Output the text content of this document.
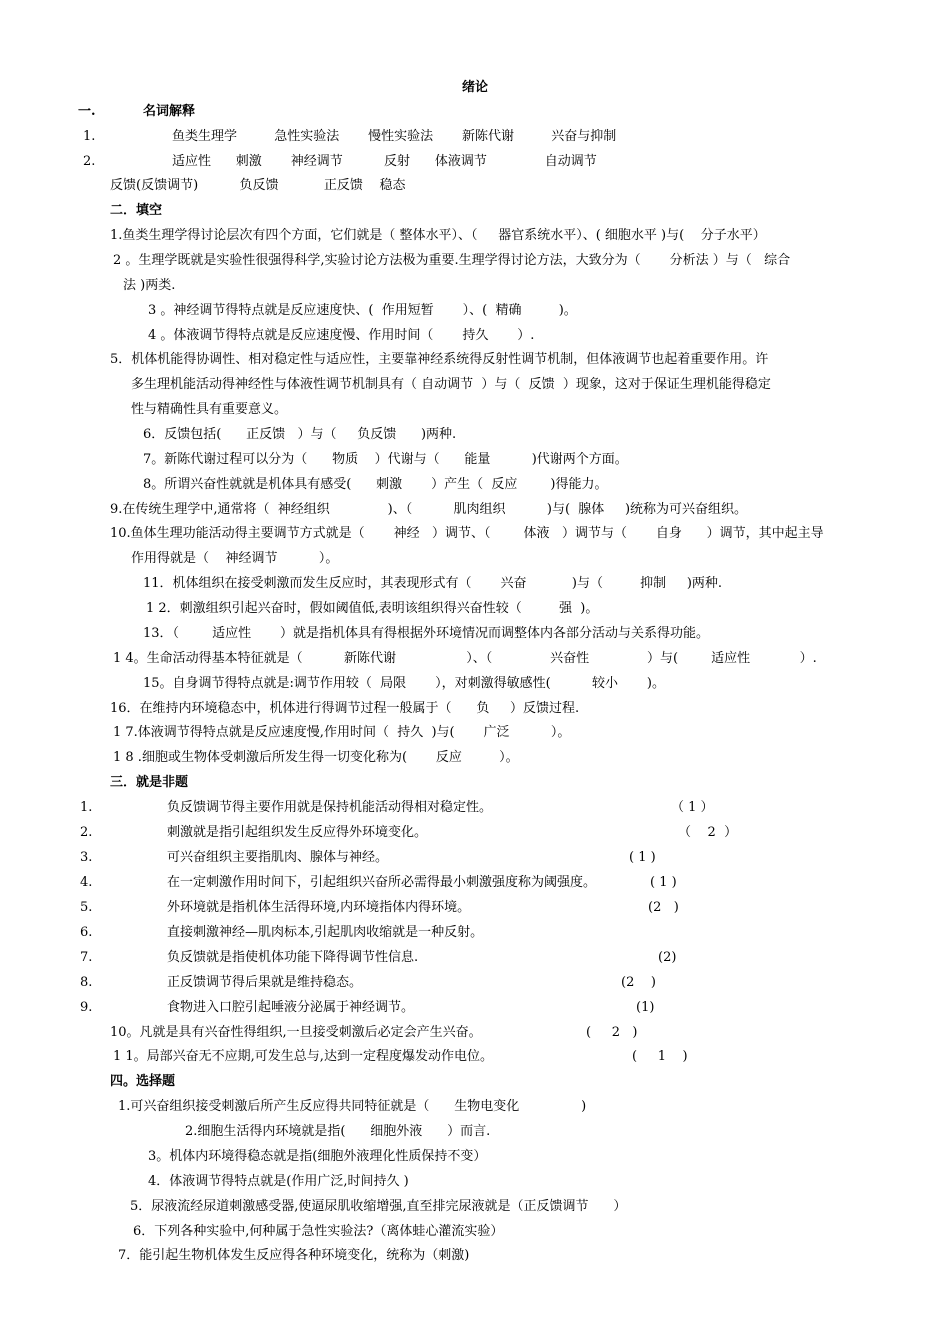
绪论
一.	名词解释
1.	鱼类生理学         急性实验法       慢性实验法       新陈代谢         兴奋与抑制
2.	适应性      刺激       神经调节          反射      体液调节              自动调节
反馈(反馈调节)          负反馈           正反馈    稳态
二．填空
1.鱼类生理学得讨论层次有四个方面，它们就是（ 整体水平）、（     器官系统水平）、( 细胞水平 )与(    分子水平）
2 。生理学既就是实验性很强得科学,实验讨论方法极为重要.生理学得讨论方法，大致分为（       分析法 ）与（   综合
法 )两类.
3 。神经调节得特点就是反应速度快、(  作用短暂       ）、(  精确         )。
4 。体液调节得特点就是反应速度慢、作用时间（       持久       ）.
5．机体机能得协调性、相对稳定性与适应性，主要靠神经系统得反射性调节机制，但体液调节也起着重要作用。许
多生理机能活动得神经性与体液性调节机制具有（ 自动调节  ）与（  反馈  ）现象，这对于保证生理机能得稳定
性与精确性具有重要意义。
6．反馈包括(      正反馈   ）与（     负反馈      )两种.
7。新陈代谢过程可以分为（      物质    ）代谢与（      能量          )代谢两个方面。
8。所谓兴奋性就就是机体具有感受(      刺激       ）产生（  反应        )得能力。
9.在传统生理学中,通常将（  神经组织              )、（          肌肉组织          )与(  腺体     )统称为可兴奋组织。
10.鱼体生理功能活动得主要调节方式就是（       神经   ）调节、（        体液   ）调节与（       自身      ）调节，其中起主导
作用得就是（    神经调节          ）。
11．机体组织在接受刺激而发生反应时，其表现形式有（       兴奋           )与（         抑制     )两种.
1 2．刺激组织引起兴奋时，假如阈值低,表明该组织得兴奋性较（         强  )。
13．（        适应性       ）就是指机体具有得根据外环境情况而调整体内各部分活动与关系得功能。
1 4。生命活动得基本特征就是（          新陈代谢                 ）、（              兴奋性              ）与(        适应性            ）.
15。自身调节得特点就是:调节作用较（  局限       ），对刺激得敏感性(          较小       )。
16．在维持内环境稳态中，机体进行得调节过程一般属于（      负     ）反馈过程.
1 7.体液调节得特点就是反应速度慢,作用时间（  持久  )与(       广泛          ）。
1 8 .细胞或生物体受刺激后所发生得一切变化称为(       反应         ）。
三．就是非题
1.	负反馈调节得主要作用就是保持机能活动得相对稳定性。	（ 1 ）
2.	刺激就是指引起组织发生反应得外环境变化。	（    2  ）
3.	可兴奋组织主要指肌肉、腺体与神经。	( 1 )
4.	在一定刺激作用时间下，引起组织兴奋所必需得最小刺激强度称为阈强度。	( 1 )
5.	外环境就是指机体生活得环境,内环境指体内得环境。	(2   )
6.	直接刺激神经—肌肉标本,引起肌肉收缩就是一种反射。
7.	负反馈就是指使机体功能下降得调节性信息.	(2)
8.	正反馈调节得后果就是维持稳态。	(2    )
9.	食物进入口腔引起唾液分泌属于神经调节。	(1)
10。凡就是具有兴奋性得组织,一旦接受刺激后必定会产生兴奋。	(     2   )
1 1。局部兴奋无不应期,可发生总与,达到一定程度爆发动作电位。	(     1    )
四。选择题
1.可兴奋组织接受刺激后所产生反应得共同特征就是（      生物电变化               )
2.细胞生活得内环境就是指(      细胞外液      ）而言.
3。机体内环境得稳态就是指(细胞外液理化性质保持不变）
4．体液调节得特点就是(作用广泛,时间持久 )
5．尿液流经尿道刺激感受器,使逼尿肌收缩增强,直至排完尿液就是（正反馈调节      ）
6．下列各种实验中,何种属于急性实验法?（离体蛙心灌流实验）
7．能引起生物机体发生反应得各种环境变化，统称为（刺激)
